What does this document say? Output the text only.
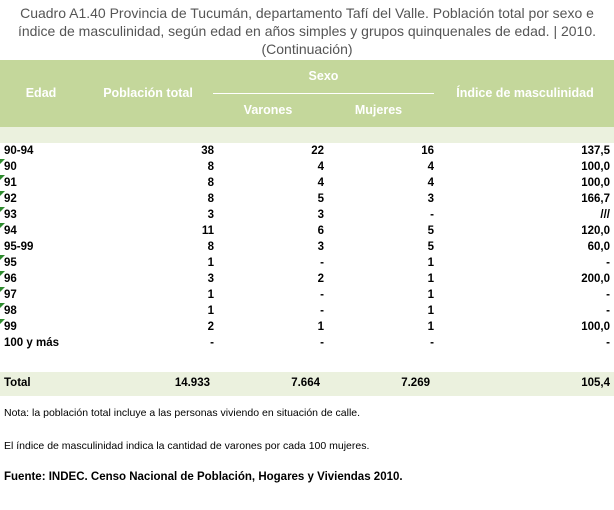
Cuadro A1.40 Provincia de Tucumán, departamento Tafí del Valle. Población total por sexo e
índice de masculinidad, según edad en años simples y grupos quinquenales de edad. | 2010.
(Continuación)
Edad	Población total
Sexo
Varones	Mujeres
Índice de masculinidad
90-94	38	22	16	137,5

90	8	4	4	100,0

91	8	4	4	100,0

92	8	5	3	166,7

93	3	3	-	///

94	11	6	5	120,0
95-99	8	3	5	60,0

95	1	-	1	-

96	3	2	1	200,0

97	1	-	1	-

98	1	-	1	-

99	2	1	1	100,0
100 y más	-	-	-	-
Total	14.933	7.664	7.269	105,4
Nota: la población total incluye a las personas viviendo en situación de calle.
El índice de masculinidad indica la cantidad de varones por cada 100 mujeres.
Fuente: INDEC. Censo Nacional de Población, Hogares y Viviendas 2010.
